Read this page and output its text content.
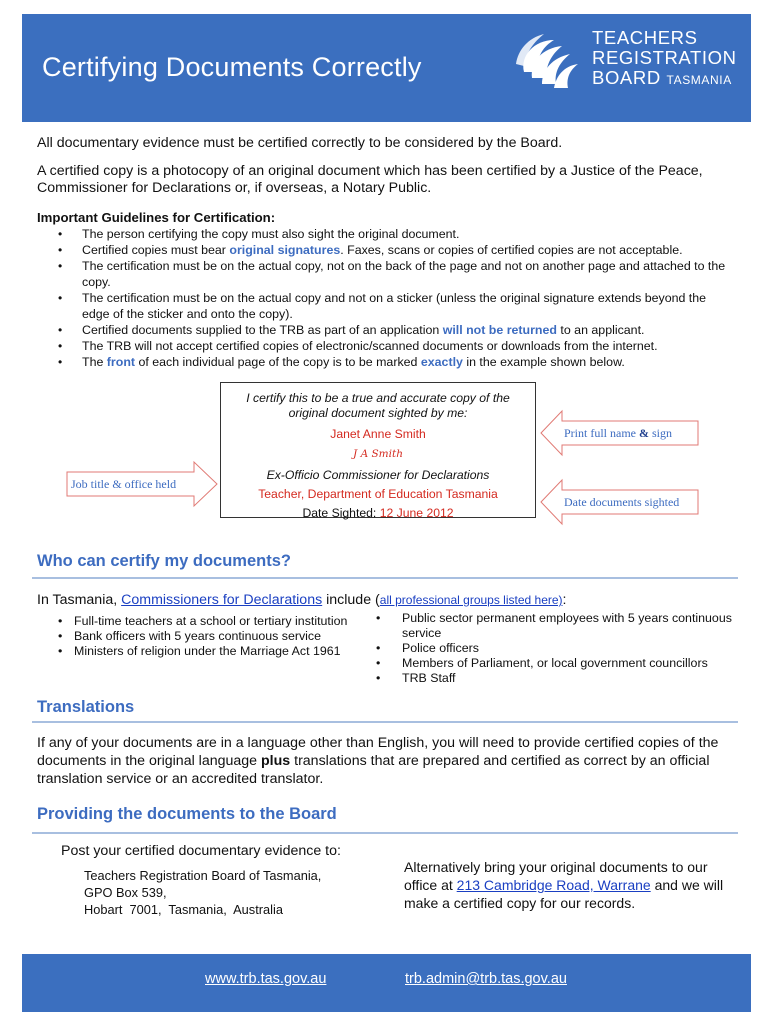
Certifying Documents Correctly
TEACHERS
REGISTRATION
BOARD TASMANIA
All documentary evidence must be certified correctly to be considered by the Board.
A certified copy is a photocopy of an original document which has been certified by a Justice of the Peace,
Commissioner for Declarations or, if overseas, a Notary Public.
Important Guidelines for Certification:
• The person certifying the copy must also sight the original document.
• Certified copies must bear original signatures. Faxes, scans or copies of certified copies are not acceptable.
• The certification must be on the actual copy, not on the back of the page and not on another page and attached to the copy.
• The certification must be on the actual copy and not on a sticker (unless the original signature extends beyond the edge of the sticker and onto the copy).
• Certified documents supplied to the TRB as part of an application will not be returned to an applicant.
• The TRB will not accept certified copies of electronic/scanned documents or downloads from the internet.
• The front of each individual page of the copy is to be marked exactly in the example shown below.
I certify this to be a true and accurate copy of the
original document sighted by me:
Janet Anne Smith
J A Smith
Ex-Officio Commissioner for Declarations
Teacher, Department of Education Tasmania
Date Sighted: 12 June 2012
Print full name & sign
Date documents sighted
Job title & office held
Who can certify my documents?
In Tasmania, Commissioners for Declarations include (all professional groups listed here):
• Full-time teachers at a school or tertiary institution
• Bank officers with 5 years continuous service
• Ministers of religion under the Marriage Act 1961
• Public sector permanent employees with 5 years continuous service
• Police officers
• Members of Parliament, or local government councillors
• TRB Staff
Translations
If any of your documents are in a language other than English, you will need to provide certified copies of the
documents in the original language plus translations that are prepared and certified as correct by an official
translation service or an accredited translator.
Providing the documents to the Board
Post your certified documentary evidence to:
Teachers Registration Board of Tasmania,
GPO Box 539,
Hobart  7001,  Tasmania,  Australia
Alternatively bring your original documents to our
office at 213 Cambridge Road, Warrane and we will
make a certified copy for our records.
www.trb.tas.gov.au	trb.admin@trb.tas.gov.au
